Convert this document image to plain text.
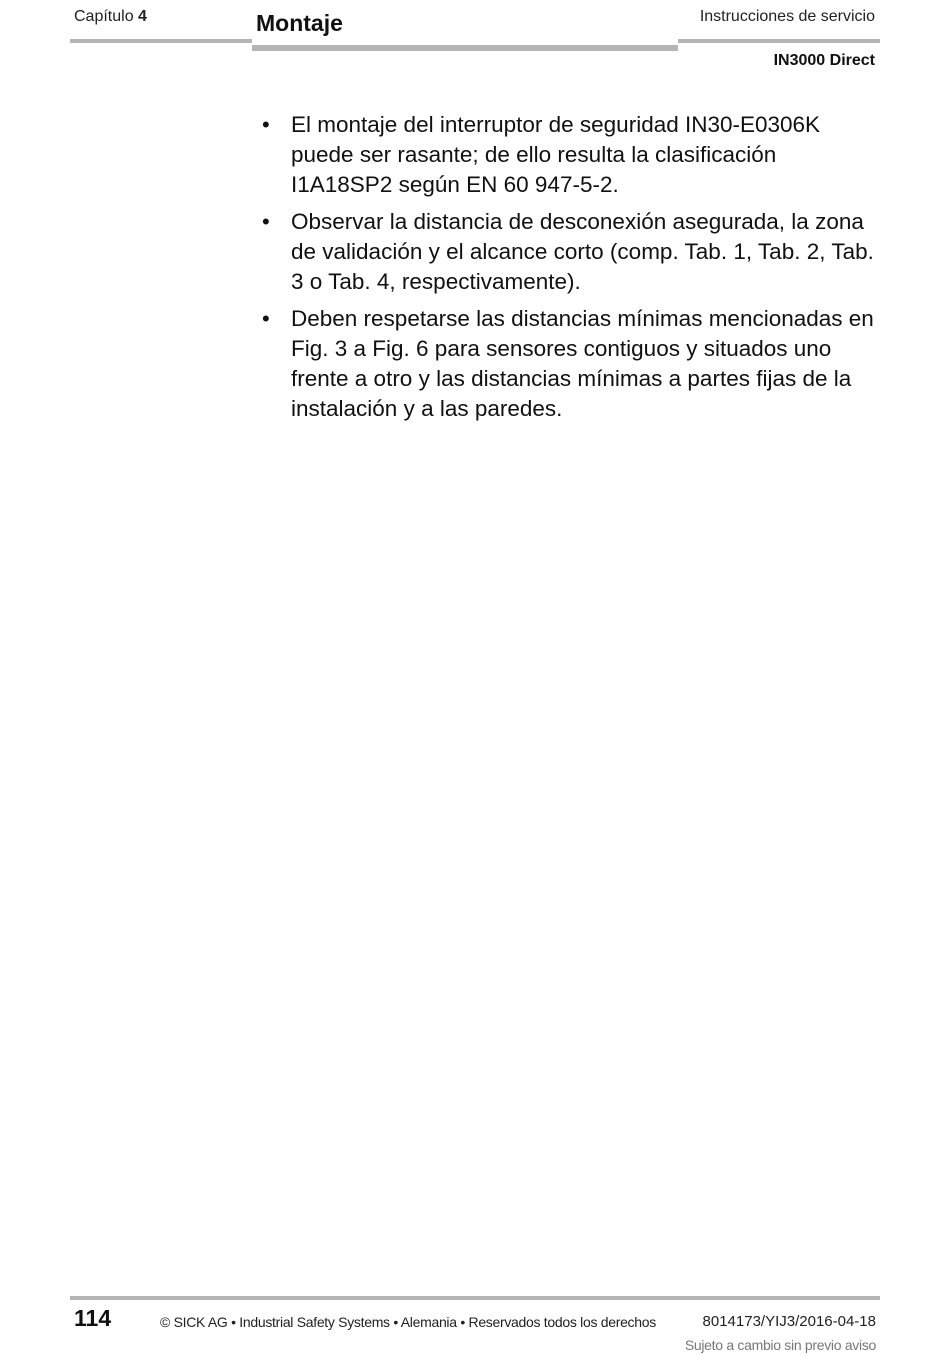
Capítulo 4	Montaje	Instrucciones de servicio
IN3000 Direct
• El montaje del interruptor de seguridad IN30-E0306K puede ser rasante; de ello resulta la clasificación I1A18SP2 según EN 60 947-5-2.
• Observar la distancia de desconexión asegurada, la zona de validación y el alcance corto (comp. Tab. 1, Tab. 2, Tab. 3 o Tab. 4, respectivamente).
• Deben respetarse las distancias mínimas mencionadas en Fig. 3 a Fig. 6 para sensores contiguos y situados uno frente a otro y las distancias mínimas a partes fijas de la instalación y a las paredes.
114	© SICK AG • Industrial Safety Systems • Alemania • Reservados todos los derechos	8014173/YIJ3/2016-04-18
Sujeto a cambio sin previo aviso
